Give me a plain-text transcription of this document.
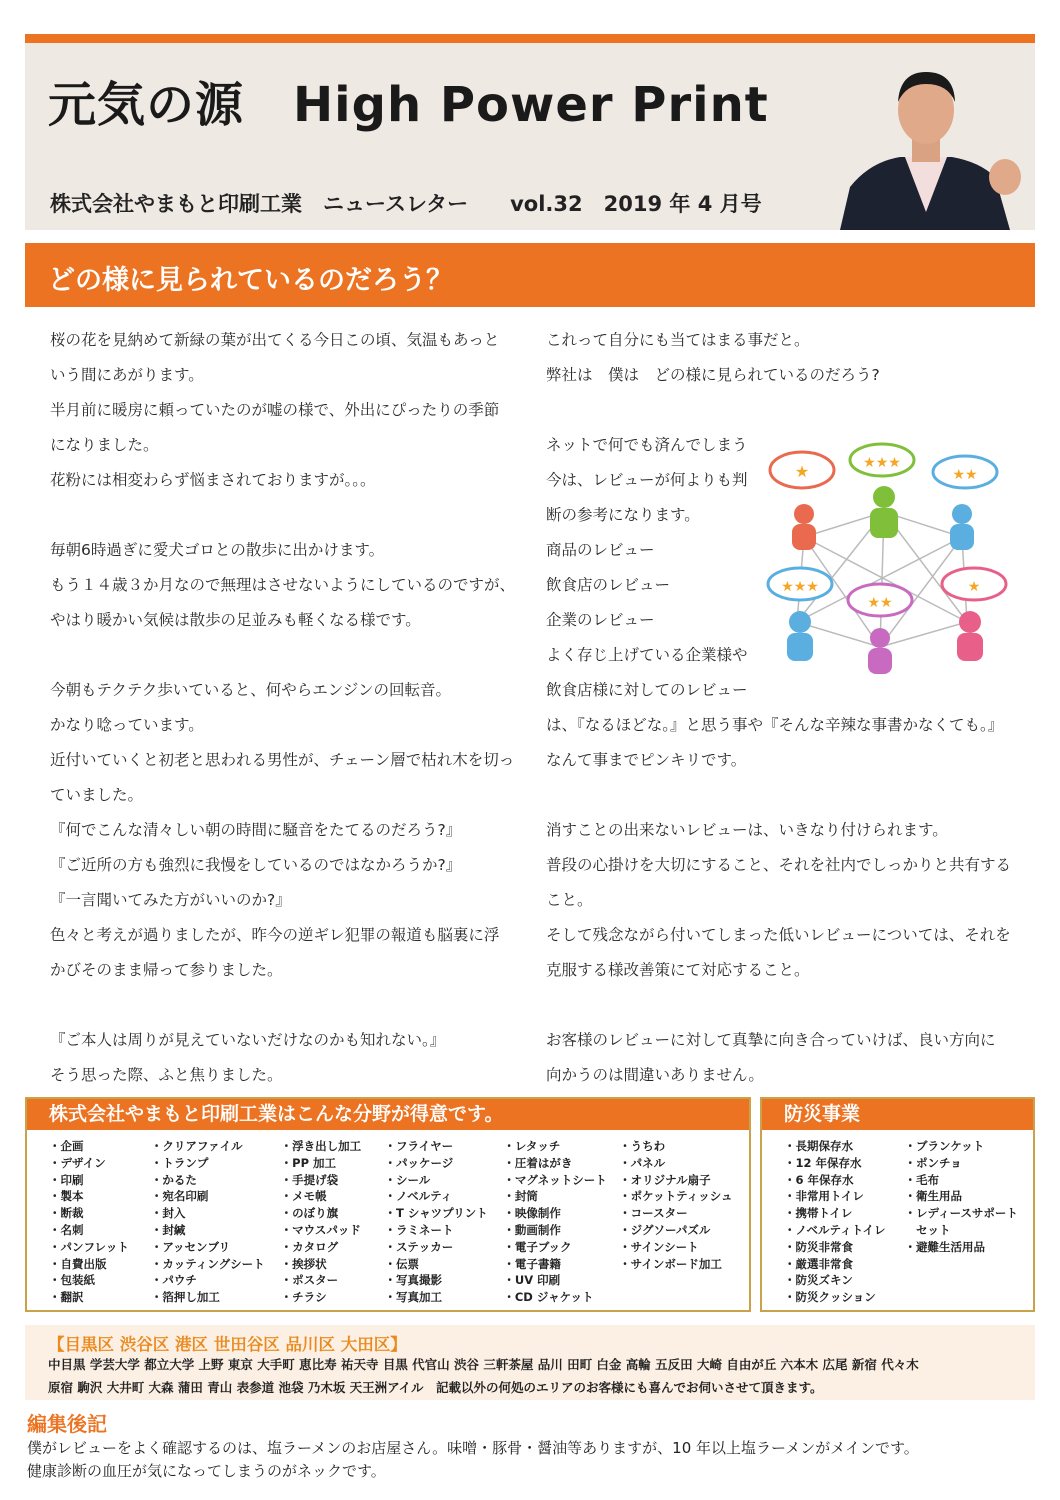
元気の源　High Power Print
株式会社やまもと印刷工業　ニュースレター　　vol.32　2019 年 4 月号
どの様に見られているのだろう？
桜の花を見納めて新緑の葉が出てくる今日この頃、気温もあっと
いう間にあがります。
半月前に暖房に頼っていたのが嘘の様で、外出にぴったりの季節
になりました。
花粉には相変わらず悩まされておりますが。。。
毎朝6時過ぎに愛犬ゴロとの散歩に出かけます。
もう１４歳３か月なので無理はさせないようにしているのですが、
やはり暖かい気候は散歩の足並みも軽くなる様です。
今朝もテクテク歩いていると、何やらエンジンの回転音。
かなり唸っています。
近付いていくと初老と思われる男性が、チェーン層で枯れ木を切っ
ていました。
『何でこんな清々しい朝の時間に騒音をたてるのだろう?』
『ご近所の方も強烈に我慢をしているのではなかろうか?』
『一言聞いてみた方がいいのか?』
色々と考えが過りましたが、昨今の逆ギレ犯罪の報道も脳裏に浮
かびそのまま帰って参りました。
『ご本人は周りが見えていないだけなのかも知れない。』
そう思った際、ふと焦りました。
これって自分にも当てはまる事だと。
弊社は　僕は　どの様に見られているのだろう?
ネットで何でも済んでしまう
今は、レビューが何よりも判
断の参考になります。
商品のレビュー
飲食店のレビュー
企業のレビュー
よく存じ上げている企業様や
飲食店様に対してのレビュー
は、『なるほどな。』と思う事や『そんな辛辣な事書かなくても。』
なんて事までピンキリです。
消すことの出来ないレビューは、いきなり付けられます。
普段の心掛けを大切にすること、それを社内でしっかりと共有する
こと。
そして残念ながら付いてしまった低いレビューについては、それを
克服する様改善策にて対応すること。
お客様のレビューに対して真摯に向き合っていけば、良い方向に
向かうのは間違いありません。
★	★★★
★★
★★★
★★
★
株式会社やまもと印刷工業はこんな分野が得意です。
・企画
・デザイン
・印刷
・製本
・断裁
・名刺
・パンフレット
・自費出版
・包装紙
・翻訳
・クリアファイル
・トランプ
・かるた
・宛名印刷
・封入
・封緘
・アッセンブリ
・カッティングシート
・パウチ
・箔押し加工
・浮き出し加工
・PP 加工
・手提げ袋
・メモ帳
・のぼり旗
・マウスパッド
・カタログ
・挨拶状
・ポスター
・チラシ
・フライヤー
・パッケージ
・シール
・ノベルティ
・T シャツプリント
・ラミネート
・ステッカー
・伝票
・写真撮影
・写真加工
・レタッチ
・圧着はがき
・マグネットシート
・封筒
・映像制作
・動画制作
・電子ブック
・電子書籍
・UV 印刷
・CD ジャケット
・うちわ
・パネル
・オリジナル扇子
・ポケットティッシュ
・コースター
・ジグソーパズル
・サインシート
・サインボード加工
防災事業
・長期保存水
・12 年保存水
・6 年保存水
・非常用トイレ
・携帯トイレ
・ノベルティトイレ
・防災非常食
・厳選非常食
・防災ズキン
・防災クッション
・ブランケット
・ポンチョ
・毛布
・衛生用品
・レディースサポート
　セット
・避難生活用品
【目黒区 渋谷区 港区 世田谷区 品川区 大田区】
中目黒 学芸大学 都立大学 上野 東京 大手町 恵比寿 祐天寺 目黒 代官山 渋谷 三軒茶屋 品川 田町 白金 高輪 五反田 大崎 自由が丘 六本木 広尾 新宿 代々木
原宿 駒沢 大井町 大森 蒲田 青山 表参道 池袋 乃木坂 天王洲アイル　記載以外の何処のエリアのお客様にも喜んでお伺いさせて頂きます。
編集後記
僕がレビューをよく確認するのは、塩ラーメンのお店屋さん。味噌・豚骨・醤油等ありますが、10 年以上塩ラーメンがメインです。
健康診断の血圧が気になってしまうのがネックです。
